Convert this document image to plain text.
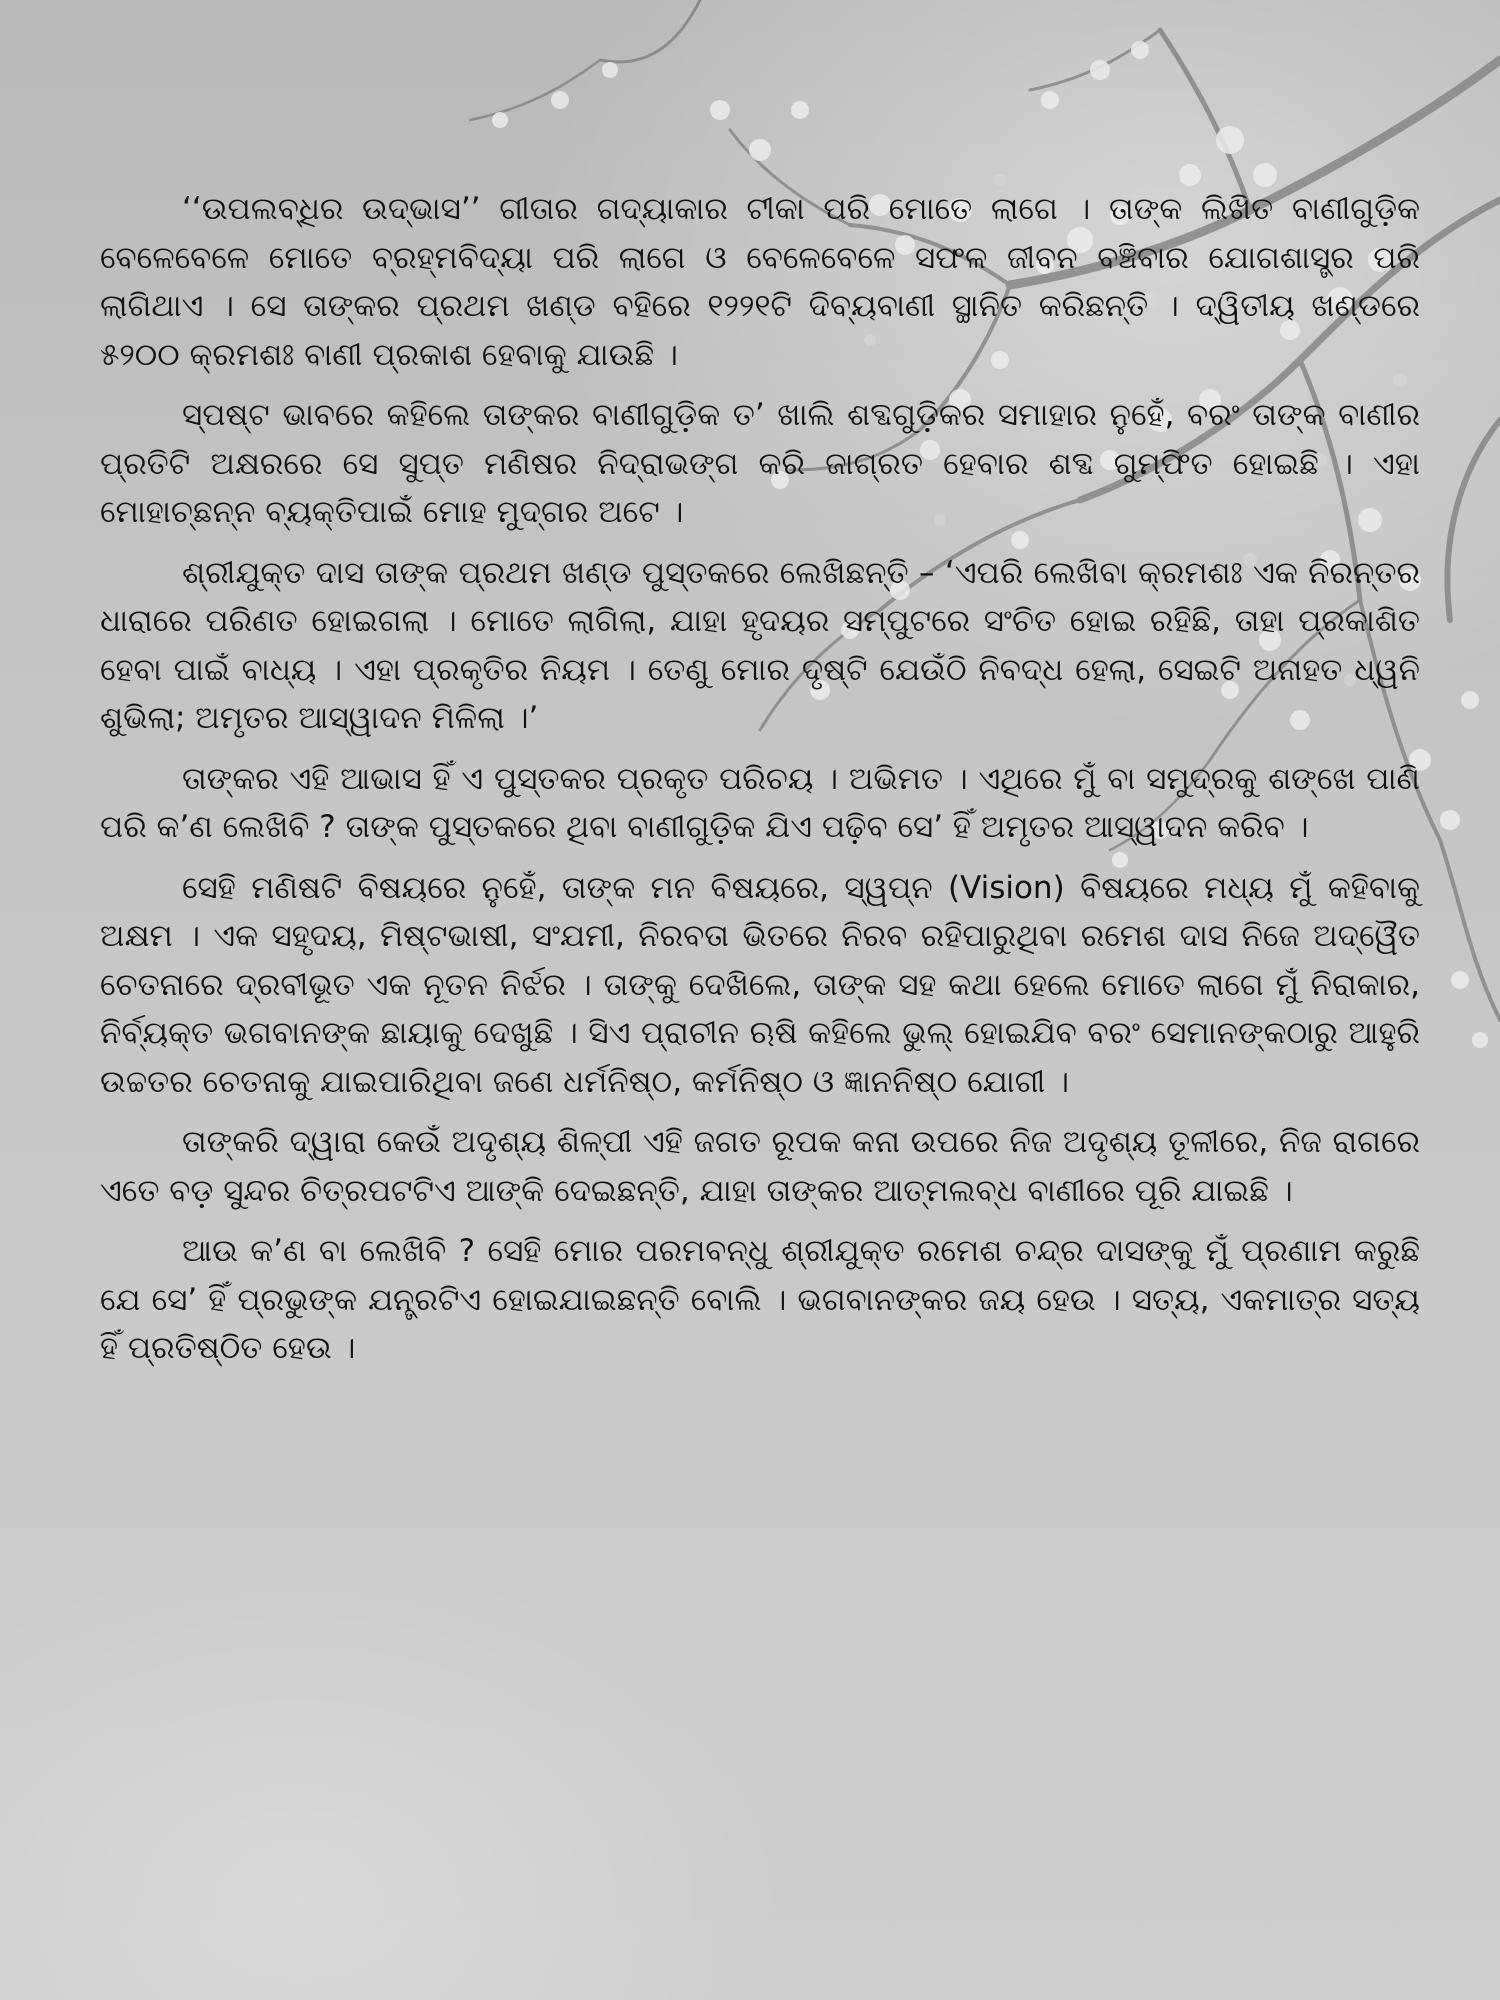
‘‘ଉପଲବ୍ଧିର ଉଦ୍ଭାସ’’ ଗୀତାର ଗଦ୍ୟାକାର ଟୀକା ପରି ମୋତେ ଲାଗେ । ତାଙ୍କ ଲିଖିତ ବାଣୀଗୁଡ଼ିକ ବେଳେବେଳେ ମୋତେ ବ୍ରହ୍ମବିଦ୍ୟା ପରି ଲାଗେ ଓ ବେଳେବେଳେ ସଫଳ ଜୀବନ ବଞ୍ଚିବାର ଯୋଗଶାସ୍ତ୍ର ପରି ଲାଗିଥାଏ । ସେ ତାଙ୍କର ପ୍ରଥମ ଖଣ୍ଡ ବହିରେ ୧୨୨୧ଟି ଦିବ୍ୟବାଣୀ ସ୍ଥାନିତ କରିଛନ୍ତି । ଦ୍ୱିତୀୟ ଖଣ୍ଡରେ ୫୨୦୦ କ୍ରମଶଃ ବାଣୀ ପ୍ରକାଶ ହେବାକୁ ଯାଉଛି ।

ସ୍ପଷ୍ଟ ଭାବରେ କହିଲେ ତାଙ୍କର ବାଣୀଗୁଡ଼ିକ ତ’ ଖାଲି ଶବ୍ଦଗୁଡ଼ିକର ସମାହାର ନୁହେଁ, ବରଂ ତାଙ୍କ ବାଣୀର ପ୍ରତିଟି ଅକ୍ଷରରେ ସେ ସୁପ୍ତ ମଣିଷର ନିଦ୍ରାଭଙ୍ଗ କରି ଜାଗ୍ରତ ହେବାର ଶବ୍ଦ ଗୁମ୍ଫିତ ହୋଇଛି । ଏହା ମୋହାଚ୍ଛନ୍ନ ବ୍ୟକ୍ତିପାଇଁ ମୋହ ମୁଦ୍‌ଗର ଅଟେ ।

ଶ୍ରୀଯୁକ୍ତ ଦାସ ତାଙ୍କ ପ୍ରଥମ ଖଣ୍ଡ ପୁସ୍ତକରେ ଲେଖିଛନ୍ତି – ‘ଏପରି ଲେଖିବା କ୍ରମଶଃ ଏକ ନିରନ୍ତର ଧାରାରେ ପରିଣତ ହୋଇଗଲା । ମୋତେ ଲାଗିଲା, ଯାହା ହୃଦୟର ସମ୍ପୁଟରେ ସଂଚିତ ହୋଇ ରହିଛି, ତାହା ପ୍ରକାଶିତ ହେବା ପାଇଁ ବାଧ୍ୟ । ଏହା ପ୍ରକୃତିର ନିୟମ । ତେଣୁ ମୋର ଦୃଷ୍ଟି ଯେଉଁଠି ନିବଦ୍ଧ ହେଲା, ସେଇଟି ଅନାହତ ଧ୍ୱନି ଶୁଭିଲା; ଅମୃତର ଆସ୍ୱାଦନ ମିଳିଲା ।’

ତାଙ୍କର ଏହି ଆଭାସ ହିଁ ଏ ପୁସ୍ତକର ପ୍ରକୃତ ପରିଚୟ । ଅଭିମତ । ଏଥିରେ ମୁଁ ବା ସମୁଦ୍ରକୁ ଶଙ୍ଖେ ପାଣି ପରି କ’ଣ ଲେଖିବି ? ତାଙ୍କ ପୁସ୍ତକରେ ଥିବା ବାଣୀଗୁଡ଼ିକ ଯିଏ ପଢ଼ିବ ସେ’ ହିଁ ଅମୃତର ଆସ୍ୱାଦନ କରିବ ।

ସେହି ମଣିଷଟି ବିଷୟରେ ନୁହେଁ, ତାଙ୍କ ମନ ବିଷୟରେ, ସ୍ୱପ୍ନ (Vision) ବିଷୟରେ ମଧ୍ୟ ମୁଁ କହିବାକୁ ଅକ୍ଷମ । ଏକ ସହୃଦୟ, ମିଷ୍ଟଭାଷୀ, ସଂଯମୀ, ନିରବତା ଭିତରେ ନିରବ ରହିପାରୁଥିବା ରମେଶ ଦାସ ନିଜେ ଅଦ୍ୱୈତ ଚେତନାରେ ଦ୍ରବୀଭୂତ ଏକ ନୂତନ ନିର୍ଝର । ତାଙ୍କୁ ଦେଖିଲେ, ତାଙ୍କ ସହ କଥା ହେଲେ ମୋତେ ଲାଗେ ମୁଁ ନିରାକାର, ନିର୍ବ୍ୟକ୍ତ ଭଗବାନଙ୍କ ଛାୟାକୁ ଦେଖୁଛି । ସିଏ ପ୍ରାଚୀନ ଋଷି କହିଲେ ଭୁଲ୍ ହୋଇଯିବ ବରଂ ସେମାନଙ୍କଠାରୁ ଆହୁରି ଉଚ୍ଚତର ଚେତନାକୁ ଯାଇପାରିଥିବା ଜଣେ ଧର୍ମନିଷ୍ଠ, କର୍ମନିଷ୍ଠ ଓ ଜ୍ଞାନନିଷ୍ଠ ଯୋଗୀ ।

ତାଙ୍କରି ଦ୍ୱାରା କେଉଁ ଅଦୃଶ୍ୟ ଶିଳ୍ପୀ ଏହି ଜଗତ ରୂପକ କନା ଉପରେ ନିଜ ଅଦୃଶ୍ୟ ତୂଳୀରେ, ନିଜ ରାଗରେ ଏତେ ବଡ଼ ସୁନ୍ଦର ଚିତ୍ରପଟଟିଏ ଆଙ୍କି ଦେଇଛନ୍ତି, ଯାହା ତାଙ୍କର ଆତ୍ମଲବ୍ଧ ବାଣୀରେ ପୂରି ଯାଇଛି ।

ଆଉ କ’ଣ ବା ଲେଖିବି ? ସେହି ମୋର ପରମବନ୍ଧୁ ଶ୍ରୀଯୁକ୍ତ ରମେଶ ଚନ୍ଦ୍ର ଦାସଙ୍କୁ ମୁଁ ପ୍ରଣାମ କରୁଛି ଯେ ସେ’ ହିଁ ପ୍ରଭୁଙ୍କ ଯନ୍ତ୍ରଟିଏ ହୋଇଯାଇଛନ୍ତି ବୋଲି । ଭଗବାନଙ୍କର ଜୟ ହେଉ । ସତ୍ୟ, ଏକମାତ୍ର ସତ୍ୟ ହିଁ ପ୍ରତିଷ୍ଠିତ ହେଉ ।
